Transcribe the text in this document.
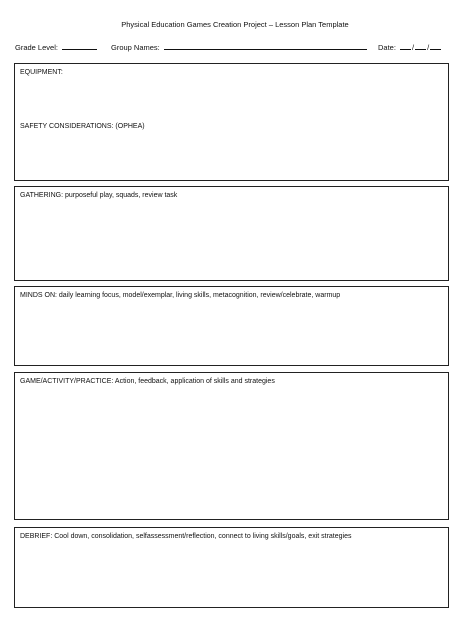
Physical Education Games Creation Project – Lesson Plan Template
Grade Level:	Group Names:	Date: / /
EQUIPMENT:
SAFETY CONSIDERATIONS: (OPHEA)
GATHERING: purposeful play, squads, review task
MINDS ON: daily learning focus, model/exemplar, living skills, metacognition, review/celebrate, warmup
GAME/ACTIVITY/PRACTICE: Action, feedback, application of skills and strategies
DEBRIEF: Cool down, consolidation, selfassessment/reflection, connect to living skills/goals, exit strategies
